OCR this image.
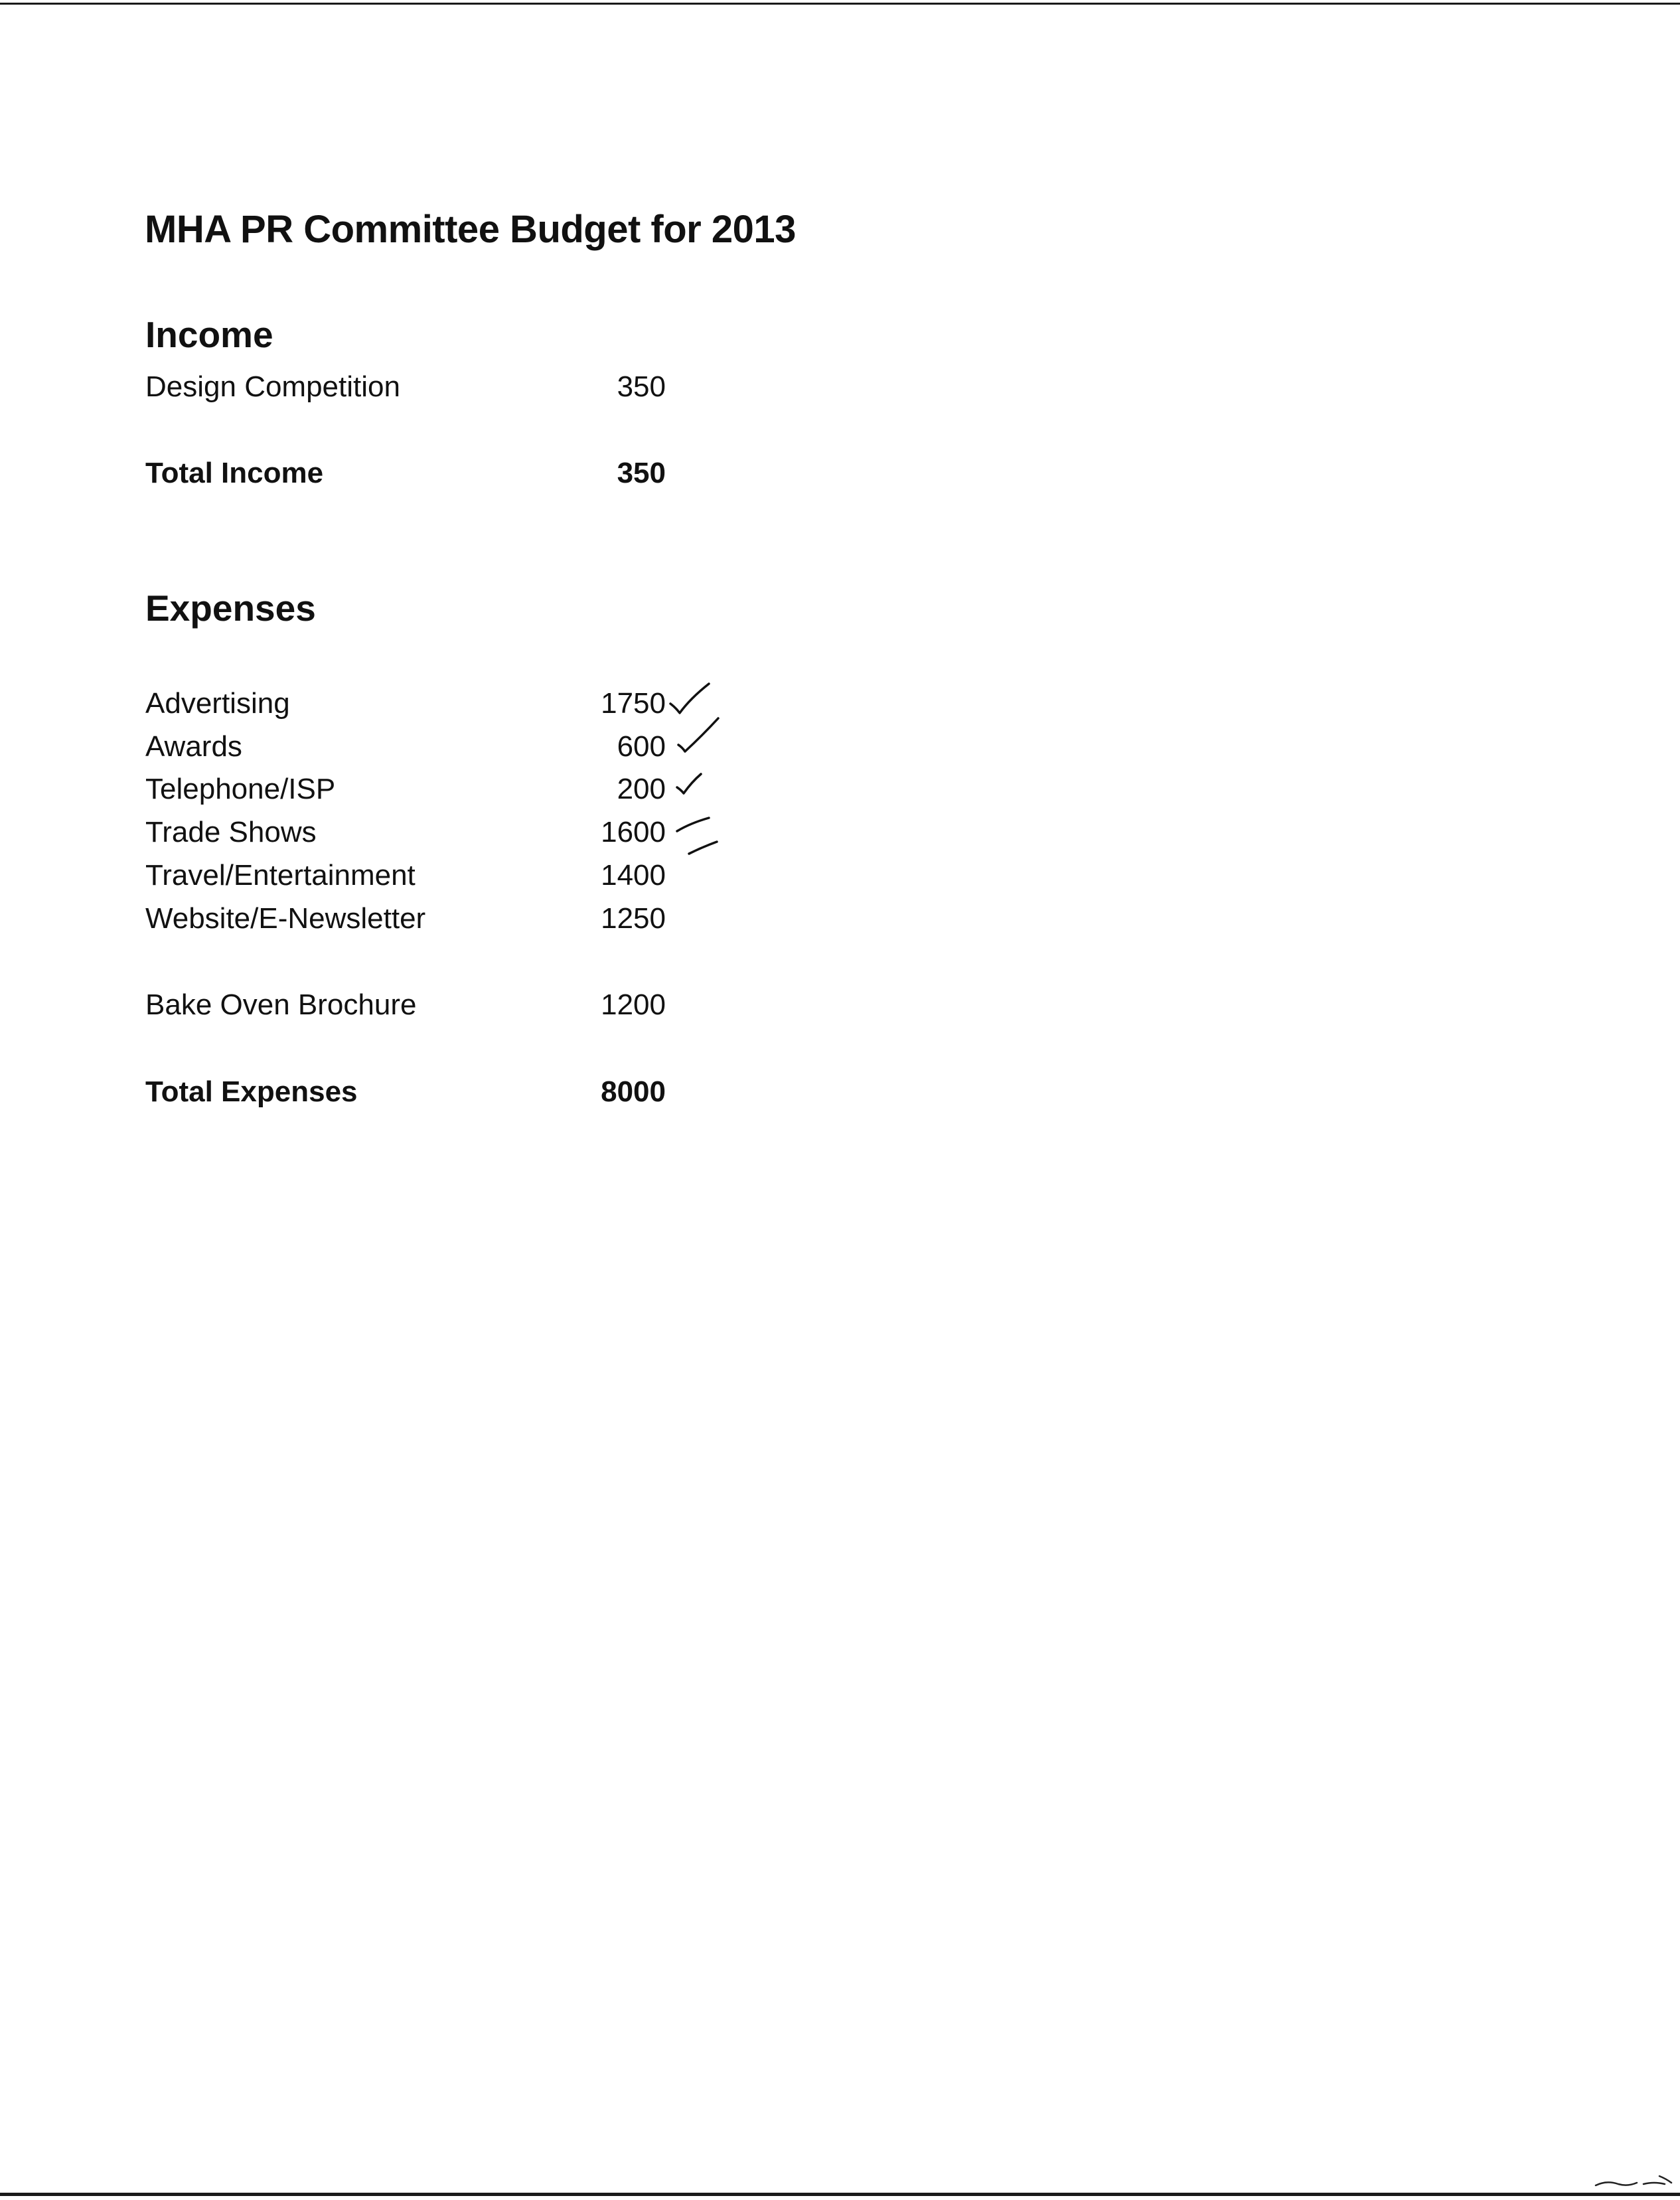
MHA PR Committee Budget for 2013
Income
Design Competition	350
Total Income	350
Expenses
Advertising	1750
Awards	600
Telephone/ISP	200
Trade Shows	1600
Travel/Entertainment	1400
Website/E-Newsletter	1250
Bake Oven Brochure	1200
Total Expenses	8000
